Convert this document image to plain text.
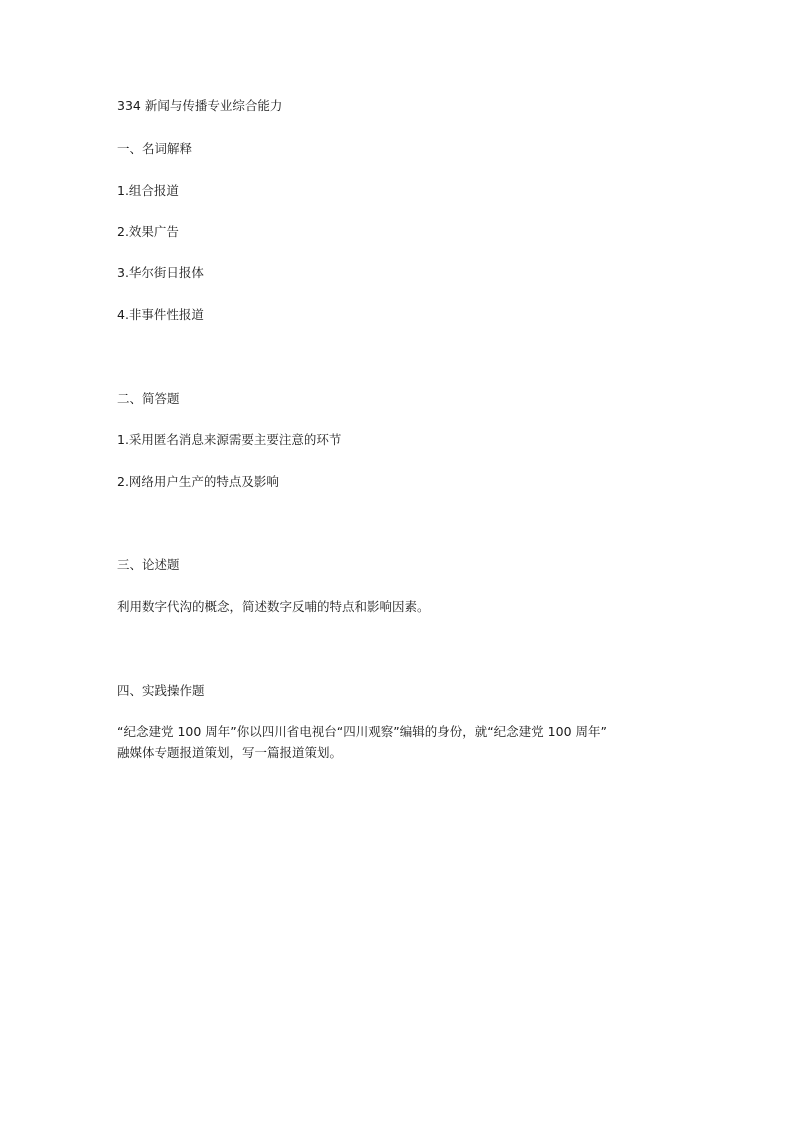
334 新闻与传播专业综合能力
一、名词解释
1.组合报道
2.效果广告
3.华尔街日报体
4.非事件性报道
二、简答题
1.采用匿名消息来源需要主要注意的环节
2.网络用户生产的特点及影响
三、论述题
利用数字代沟的概念，简述数字反哺的特点和影响因素。
四、实践操作题
“纪念建党 100 周年”你以四川省电视台“四川观察”编辑的身份，就“纪念建党 100 周年”
融媒体专题报道策划，写一篇报道策划。
